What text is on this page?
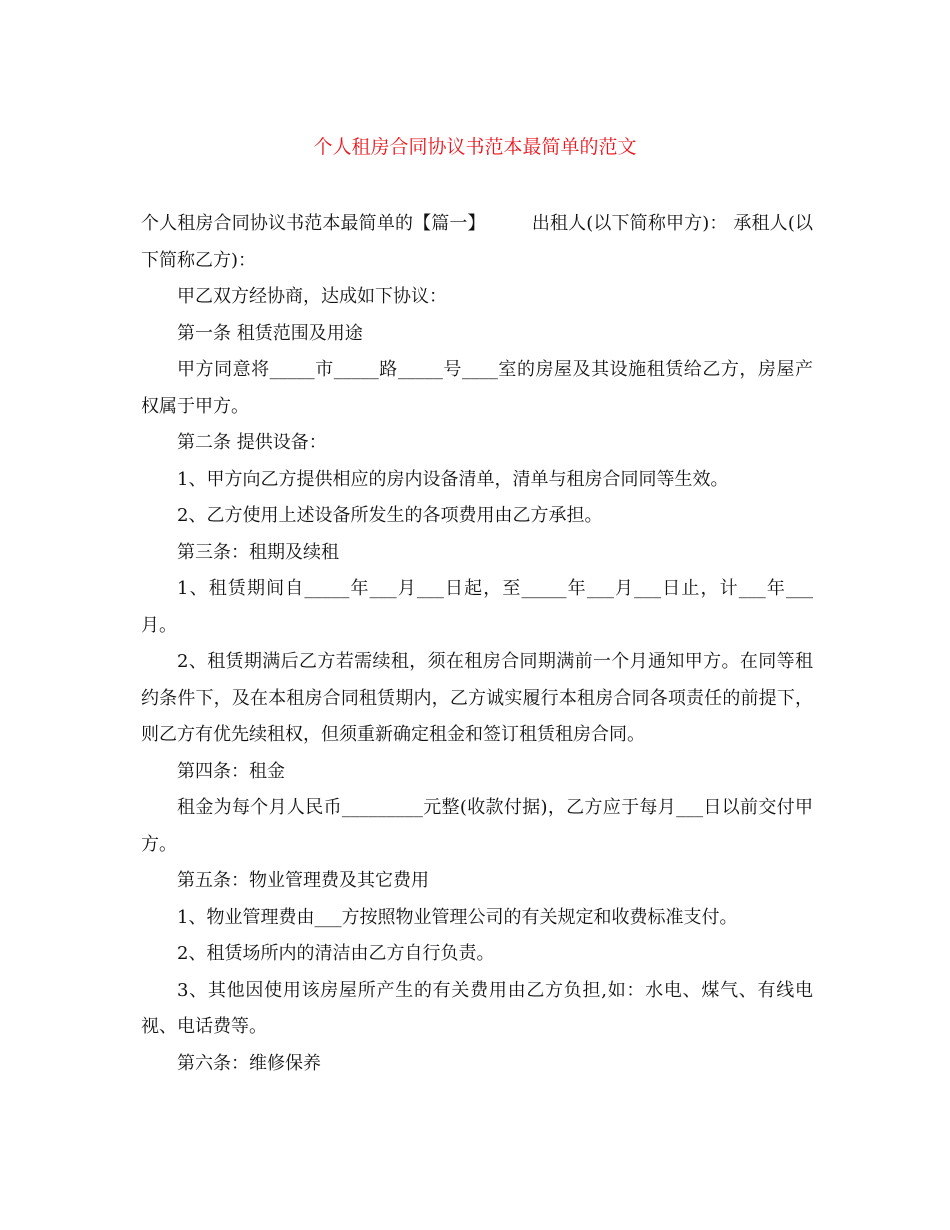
个人租房合同协议书范本最简单的范文

个人租房合同协议书范本最简单的【篇一】	出租人(以下简称甲方)： 承租人(以下简称乙方)：

甲乙双方经协商，达成如下协议：

第一条 租赁范围及用途

甲方同意将_____市_____路_____号____室的房屋及其设施租赁给乙方，房屋产权属于甲方。

第二条 提供设备：

1、甲方向乙方提供相应的房内设备清单，清单与租房合同同等生效。

2、乙方使用上述设备所发生的各项费用由乙方承担。

第三条：租期及续租

1、租赁期间自_____年___月___日起，至_____年___月___日止，计___年___月。

2、租赁期满后乙方若需续租，须在租房合同期满前一个月通知甲方。在同等租约条件下，及在本租房合同租赁期内，乙方诚实履行本租房合同各项责任的前提下，则乙方有优先续租权，但须重新确定租金和签订租赁租房合同。

第四条：租金

租金为每个月人民币_________元整(收款付据)，乙方应于每月___日以前交付甲方。

第五条：物业管理费及其它费用

1、物业管理费由___方按照物业管理公司的有关规定和收费标准支付。

2、租赁场所内的清洁由乙方自行负责。

3、其他因使用该房屋所产生的有关费用由乙方负担,如：水电、煤气、有线电视、电话费等。

第六条：维修保养
